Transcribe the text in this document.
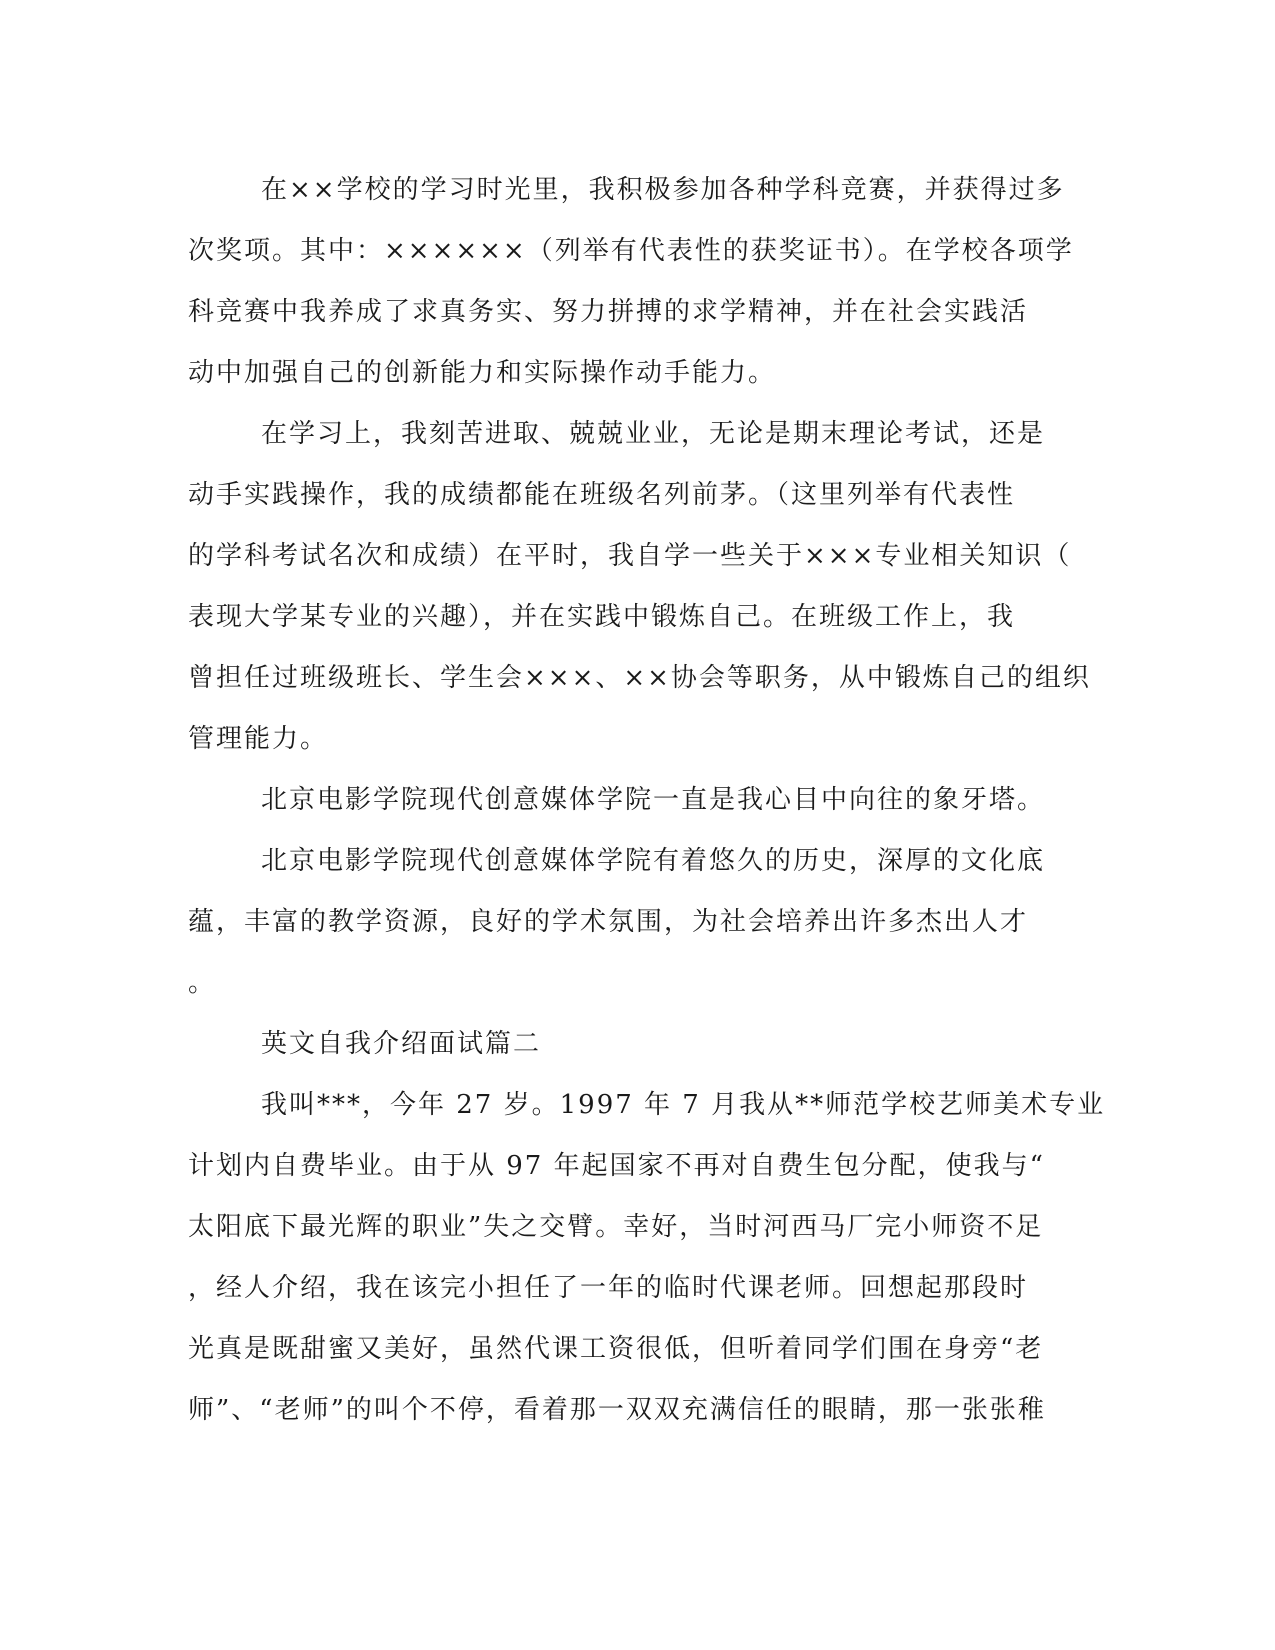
在××学校的学习时光里，我积极参加各种学科竞赛，并获得过多
次奖项。其中：××××××（列举有代表性的获奖证书）。在学校各项学
科竞赛中我养成了求真务实、努力拼搏的求学精神，并在社会实践活
动中加强自己的创新能力和实际操作动手能力。
在学习上，我刻苦进取、兢兢业业，无论是期末理论考试，还是
动手实践操作，我的成绩都能在班级名列前茅。（这里列举有代表性
的学科考试名次和成绩）在平时，我自学一些关于×××专业相关知识（
表现大学某专业的兴趣），并在实践中锻炼自己。在班级工作上，我
曾担任过班级班长、学生会×××、××协会等职务，从中锻炼自己的组织
管理能力。
北京电影学院现代创意媒体学院一直是我心目中向往的象牙塔。
北京电影学院现代创意媒体学院有着悠久的历史，深厚的文化底
蕴，丰富的教学资源，良好的学术氛围，为社会培养出许多杰出人才
。
英文自我介绍面试篇二
我叫***，今年 27 岁。1997 年 7 月我从**师范学校艺师美术专业
计划内自费毕业。由于从 97 年起国家不再对自费生包分配，使我与“
太阳底下最光辉的职业”失之交臂。幸好，当时河西马厂完小师资不足
，经人介绍，我在该完小担任了一年的临时代课老师。回想起那段时
光真是既甜蜜又美好，虽然代课工资很低，但听着同学们围在身旁“老
师”、“老师”的叫个不停，看着那一双双充满信任的眼睛，那一张张稚
